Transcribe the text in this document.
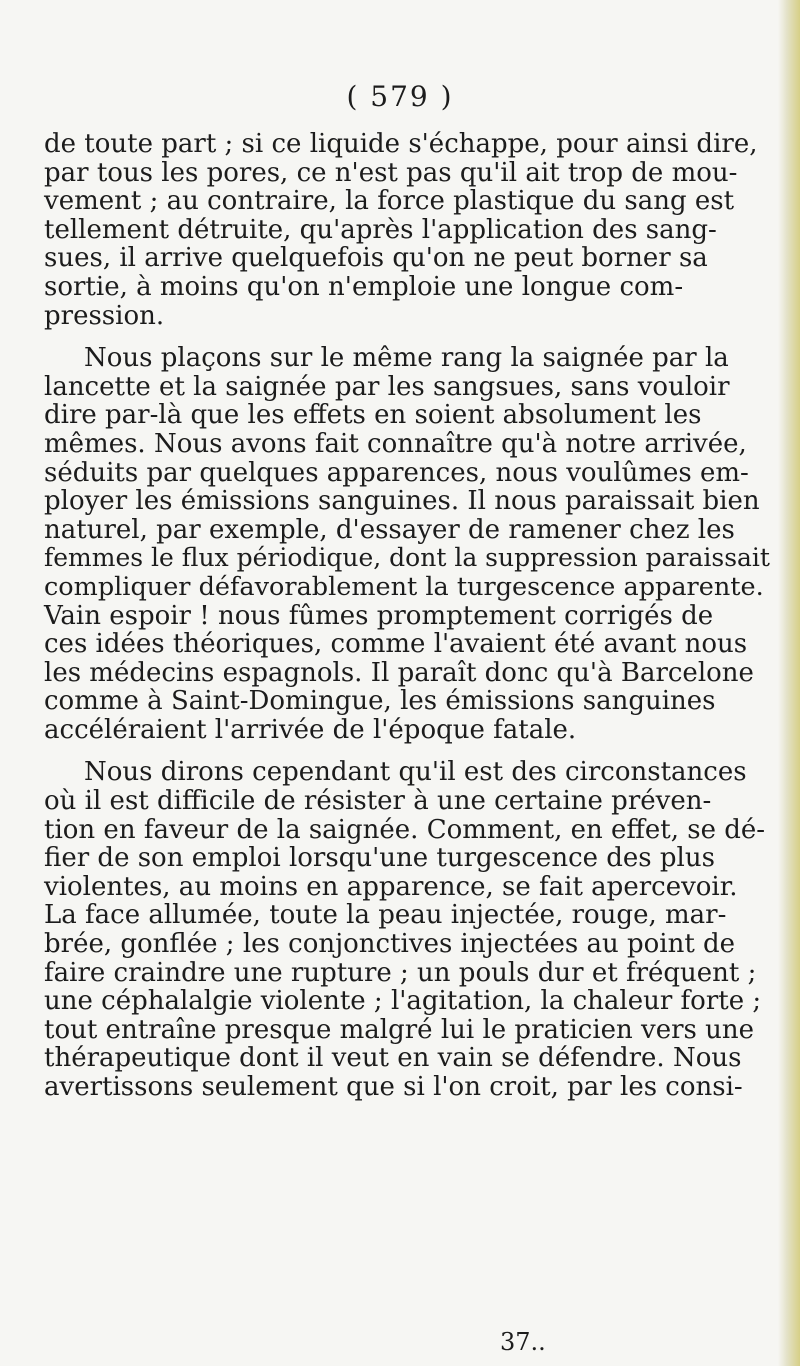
( 579 )
de toute part ; si ce liquide s'échappe, pour ainsi dire,
par tous les pores, ce n'est pas qu'il ait trop de mou-
vement ; au contraire, la force plastique du sang est
tellement détruite, qu'après l'application des sang-
sues, il arrive quelquefois qu'on ne peut borner sa
sortie, à moins qu'on n'emploie une longue com-
pression.
Nous plaçons sur le même rang la saignée par la
lancette et la saignée par les sangsues, sans vouloir
dire par-là que les effets en soient absolument les
mêmes. Nous avons fait connaître qu'à notre arrivée,
séduits par quelques apparences, nous voulûmes em-
ployer les émissions sanguines. Il nous paraissait bien
naturel, par exemple, d'essayer de ramener chez les
femmes le flux périodique, dont la suppression paraissait
compliquer défavorablement la turgescence apparente.
Vain espoir ! nous fûmes promptement corrigés de
ces idées théoriques, comme l'avaient été avant nous
les médecins espagnols. Il paraît donc qu'à Barcelone
comme à Saint-Domingue, les émissions sanguines
accéléraient l'arrivée de l'époque fatale.
Nous dirons cependant qu'il est des circonstances
où il est difficile de résister à une certaine préven-
tion en faveur de la saignée. Comment, en effet, se dé-
fier de son emploi lorsqu'une turgescence des plus
violentes, au moins en apparence, se fait apercevoir.
La face allumée, toute la peau injectée, rouge, mar-
brée, gonflée ; les conjonctives injectées au point de
faire craindre une rupture ; un pouls dur et fréquent ;
une céphalalgie violente ; l'agitation, la chaleur forte ;
tout entraîne presque malgré lui le praticien vers une
thérapeutique dont il veut en vain se défendre. Nous
avertissons seulement que si l'on croit, par les consi-
37..
